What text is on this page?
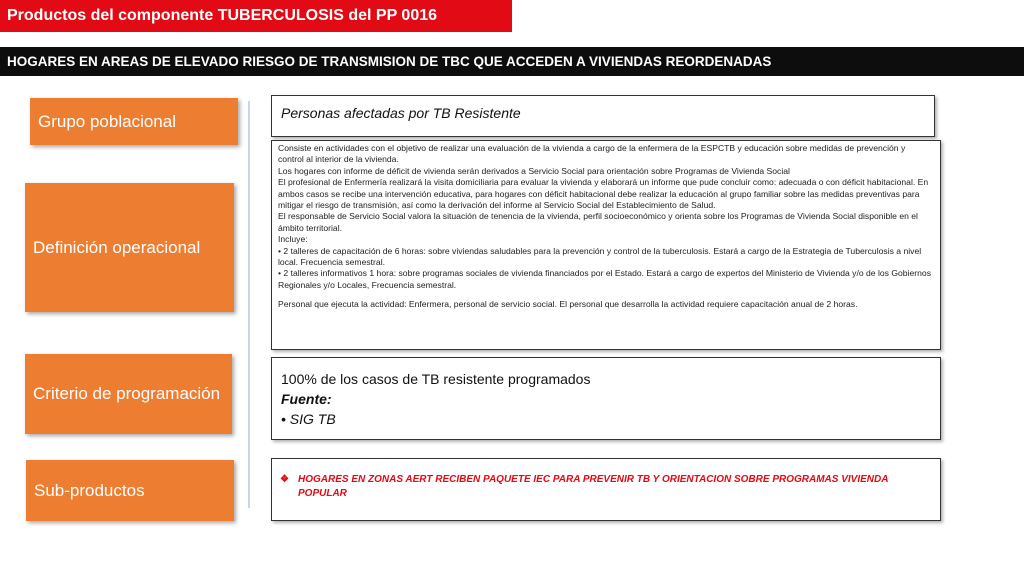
Productos del componente TUBERCULOSIS del PP 0016
HOGARES EN AREAS DE ELEVADO RIESGO DE TRANSMISION DE TBC QUE ACCEDEN A VIVIENDAS REORDENADAS
Grupo poblacional
Definición operacional
Criterio de programación
Sub-productos
Personas afectadas por TB Resistente

Consiste en actividades con el objetivo de realizar una evaluación de la vivienda a cargo de la enfermera de la ESPCTB y educación sobre medidas de prevención y control al interior de la vivienda.

Los hogares con informe de déficit de vivienda serán derivados a Servicio Social para orientación sobre Programas de Vivienda Social

El profesional de Enfermería realizará la visita domiciliaria para evaluar la vivienda y elaborará un informe que pude concluir como: adecuada o con déficit habitacional. En ambos casos se recibe una intervención educativa, para hogares con déficit habitacional debe realizar la educación al grupo familiar sobre las medidas preventivas para mitigar el riesgo de transmisión, así como la derivación del informe al Servicio Social del Establecimiento de Salud.

El responsable de Servicio Social valora la situación de tenencia de la vivienda, perfil socioeconómico y orienta sobre los Programas de Vivienda Social disponible en el ámbito territorial.

Incluye:

• 2 talleres de capacitación de 6 horas: sobre viviendas saludables para la prevención y control de la tuberculosis. Estará a cargo de la Estrategia de Tuberculosis a nivel local. Frecuencia semestral.

• 2 talleres informativos 1 hora: sobre programas sociales de vivienda financiados por el Estado. Estará a cargo de expertos del Ministerio de Vivienda y/o de los Gobiernos Regionales y/o Locales, Frecuencia semestral.

Personal que ejecuta la actividad: Enfermera, personal de servicio social. El personal que desarrolla la actividad requiere capacitación anual de 2 horas.

100% de los casos de TB resistente programados
Fuente:
• SIG TB
❖ HOGARES EN ZONAS AERT RECIBEN PAQUETE IEC PARA PREVENIR TB Y ORIENTACION SOBRE PROGRAMAS VIVIENDA POPULAR
